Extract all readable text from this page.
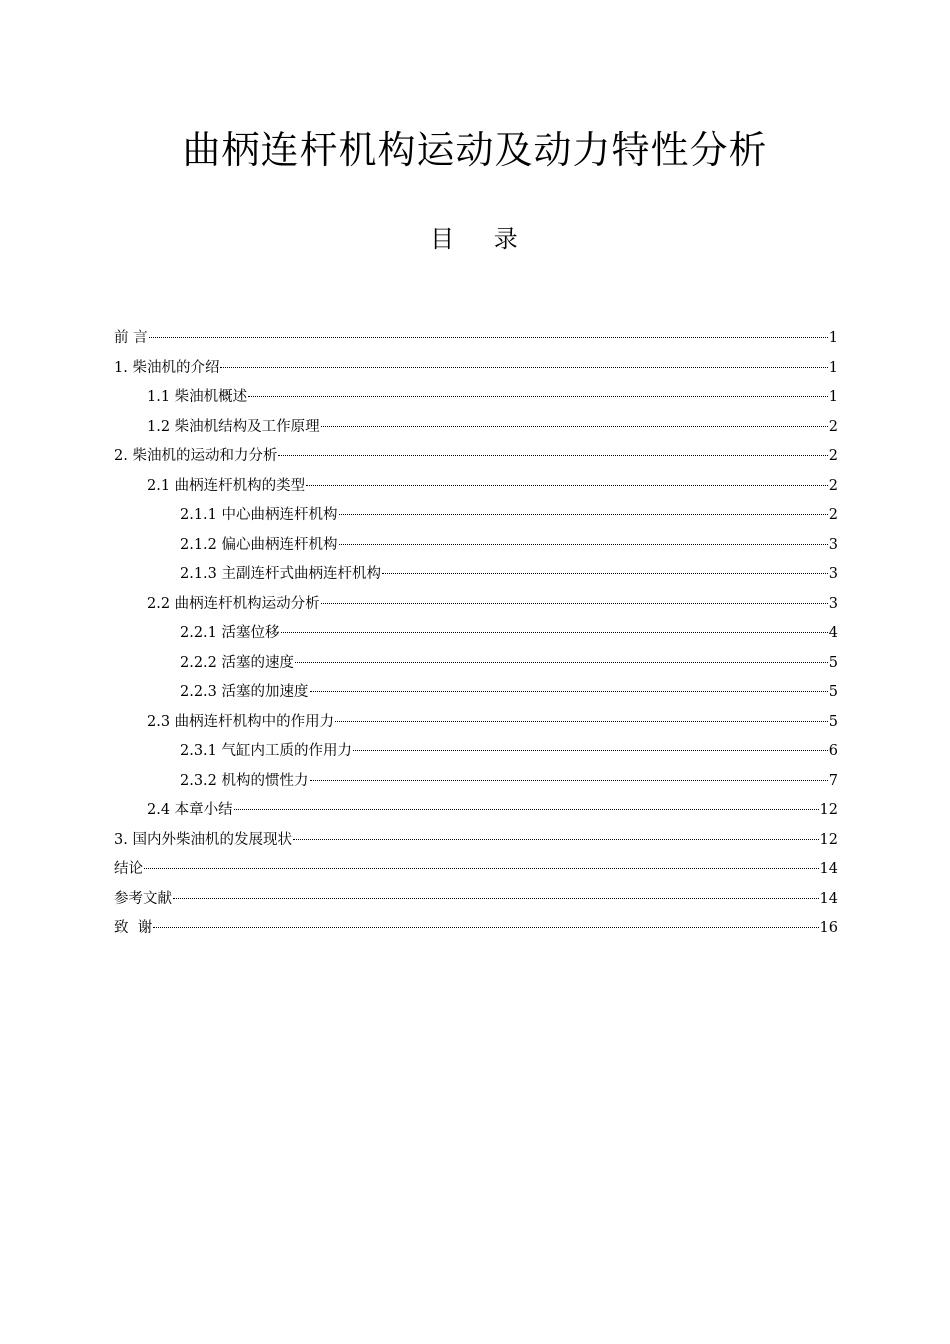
曲柄连杆机构运动及动力特性分析
目 录
前 言	1
1. 柴油机的介绍	1
1.1 柴油机概述	1
1.2 柴油机结构及工作原理	2
2. 柴油机的运动和力分析	2
2.1 曲柄连杆机构的类型	2
2.1.1 中心曲柄连杆机构	2
2.1.2 偏心曲柄连杆机构	3
2.1.3 主副连杆式曲柄连杆机构	3
2.2 曲柄连杆机构运动分析	3
2.2.1 活塞位移	4
2.2.2 活塞的速度	5
2.2.3 活塞的加速度	5
2.3 曲柄连杆机构中的作用力	5
2.3.1 气缸内工质的作用力	6
2.3.2 机构的惯性力	7
2.4 本章小结	12
3. 国内外柴油机的发展现状	12
结论	14
参考文献	14
致  谢	16
